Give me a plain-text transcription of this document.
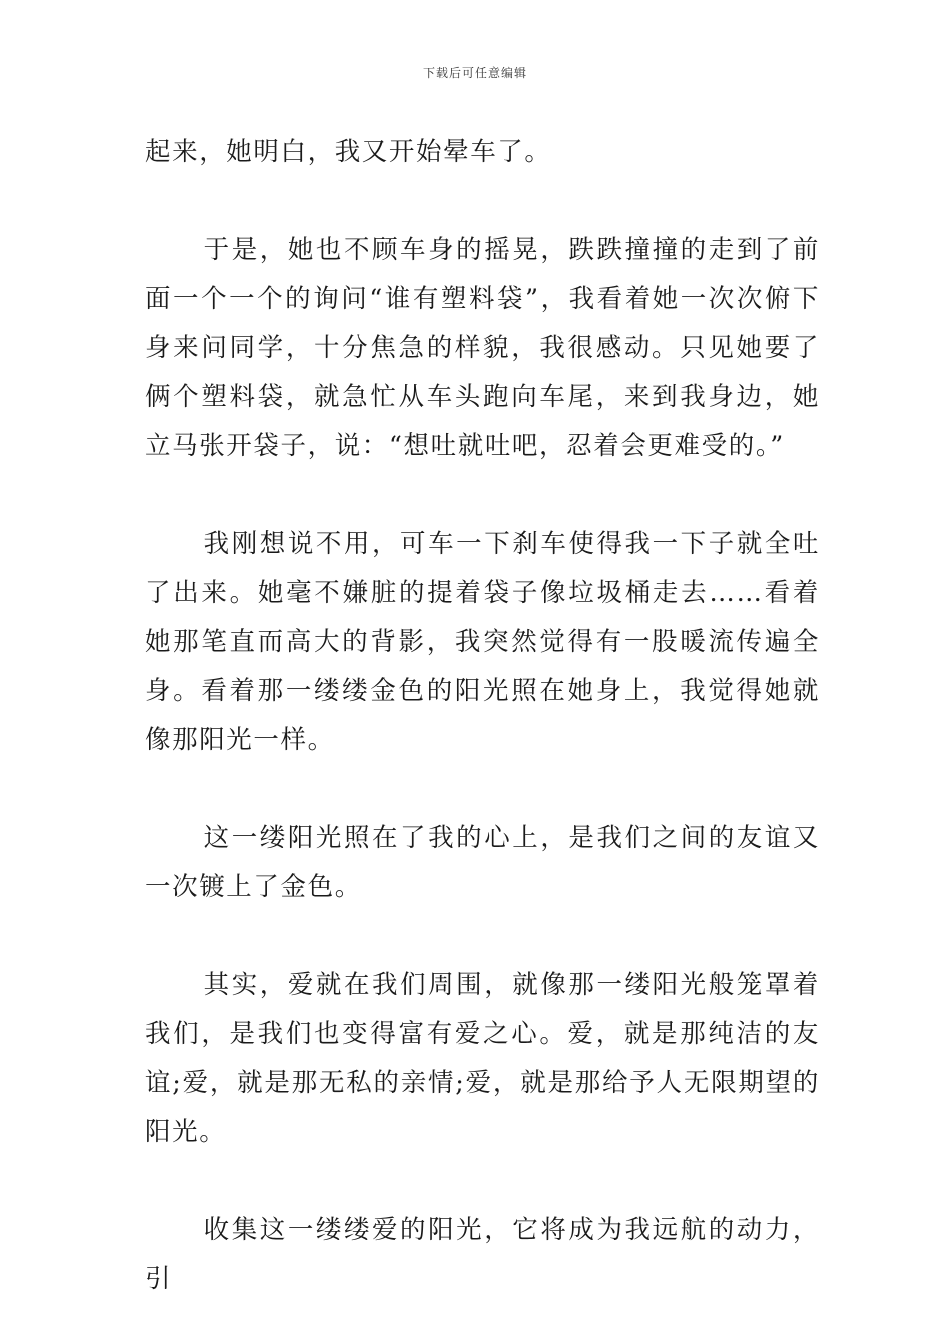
下载后可任意编辑

起来，她明白，我又开始晕车了。

于是，她也不顾车身的摇晃，跌跌撞撞的走到了前面一个一个的询问“谁有塑料袋”，我看着她一次次俯下身来问同学，十分焦急的样貌，我很感动。只见她要了俩个塑料袋，就急忙从车头跑向车尾，来到我身边，她立马张开袋子，说：“想吐就吐吧，忍着会更难受的。”

我刚想说不用，可车一下刹车使得我一下子就全吐了出来。她毫不嫌脏的提着袋子像垃圾桶走去……看着她那笔直而高大的背影，我突然觉得有一股暖流传遍全身。看着那一缕缕金色的阳光照在她身上，我觉得她就像那阳光一样。

这一缕阳光照在了我的心上，是我们之间的友谊又一次镀上了金色。

其实，爱就在我们周围，就像那一缕阳光般笼罩着我们，是我们也变得富有爱之心。爱，就是那纯洁的友谊;爱，就是那无私的亲情;爱，就是那给予人无限期望的阳光。

收集这一缕缕爱的阳光，它将成为我远航的动力，引
